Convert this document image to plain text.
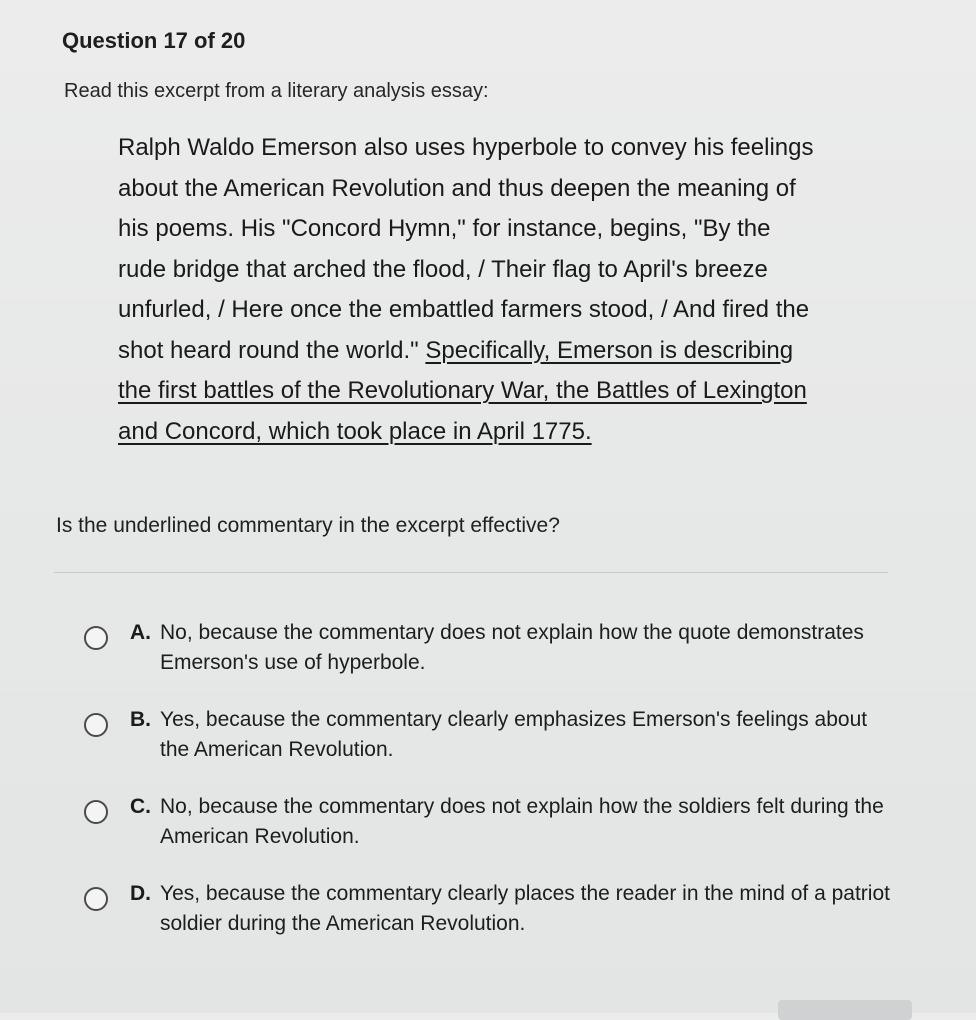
Question 17 of 20
Read this excerpt from a literary analysis essay:
Ralph Waldo Emerson also uses hyperbole to convey his feelings about the American Revolution and thus deepen the meaning of his poems. His "Concord Hymn," for instance, begins, "By the rude bridge that arched the flood, / Their flag to April's breeze unfurled, / Here once the embattled farmers stood, / And fired the shot heard round the world." Specifically, Emerson is describing the first battles of the Revolutionary War, the Battles of Lexington and Concord, which took place in April 1775.
Is the underlined commentary in the excerpt effective?
A. No, because the commentary does not explain how the quote demonstrates Emerson's use of hyperbole.
B. Yes, because the commentary clearly emphasizes Emerson's feelings about the American Revolution.
C. No, because the commentary does not explain how the soldiers felt during the American Revolution.
D. Yes, because the commentary clearly places the reader in the mind of a patriot soldier during the American Revolution.
